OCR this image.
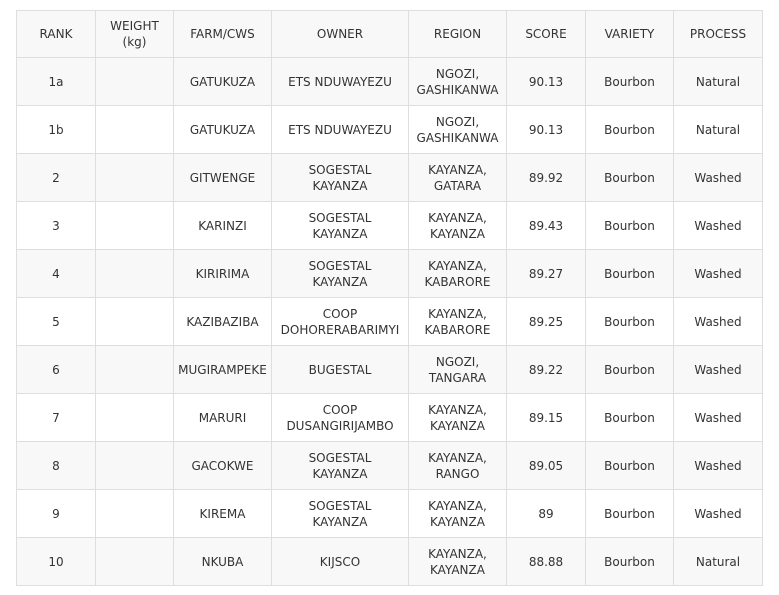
RANK	WEIGHT (kg)	FARM/CWS	OWNER	REGION	SCORE	VARIETY	PROCESS
1a		GATUKUZA	ETS NDUWAYEZU	NGOZI, GASHIKANWA	90.13	Bourbon	Natural
1b		GATUKUZA	ETS NDUWAYEZU	NGOZI, GASHIKANWA	90.13	Bourbon	Natural
2		GITWENGE	SOGESTAL KAYANZA	KAYANZA, GATARA	89.92	Bourbon	Washed
3		KARINZI	SOGESTAL KAYANZA	KAYANZA, KAYANZA	89.43	Bourbon	Washed
4		KIRIRIMA	SOGESTAL KAYANZA	KAYANZA, KABARORE	89.27	Bourbon	Washed
5		KAZIBAZIBA	COOP DOHORERABARIMYI	KAYANZA, KABARORE	89.25	Bourbon	Washed
6		MUGIRAMPEKE	BUGESTAL	NGOZI, TANGARA	89.22	Bourbon	Washed
7		MARURI	COOP DUSANGIRIJAMBO	KAYANZA, KAYANZA	89.15	Bourbon	Washed
8		GACOKWE	SOGESTAL KAYANZA	KAYANZA, RANGO	89.05	Bourbon	Washed
9		KIREMA	SOGESTAL KAYANZA	KAYANZA, KAYANZA	89	Bourbon	Washed
10		NKUBA	KIJSCO	KAYANZA, KAYANZA	88.88	Bourbon	Natural
